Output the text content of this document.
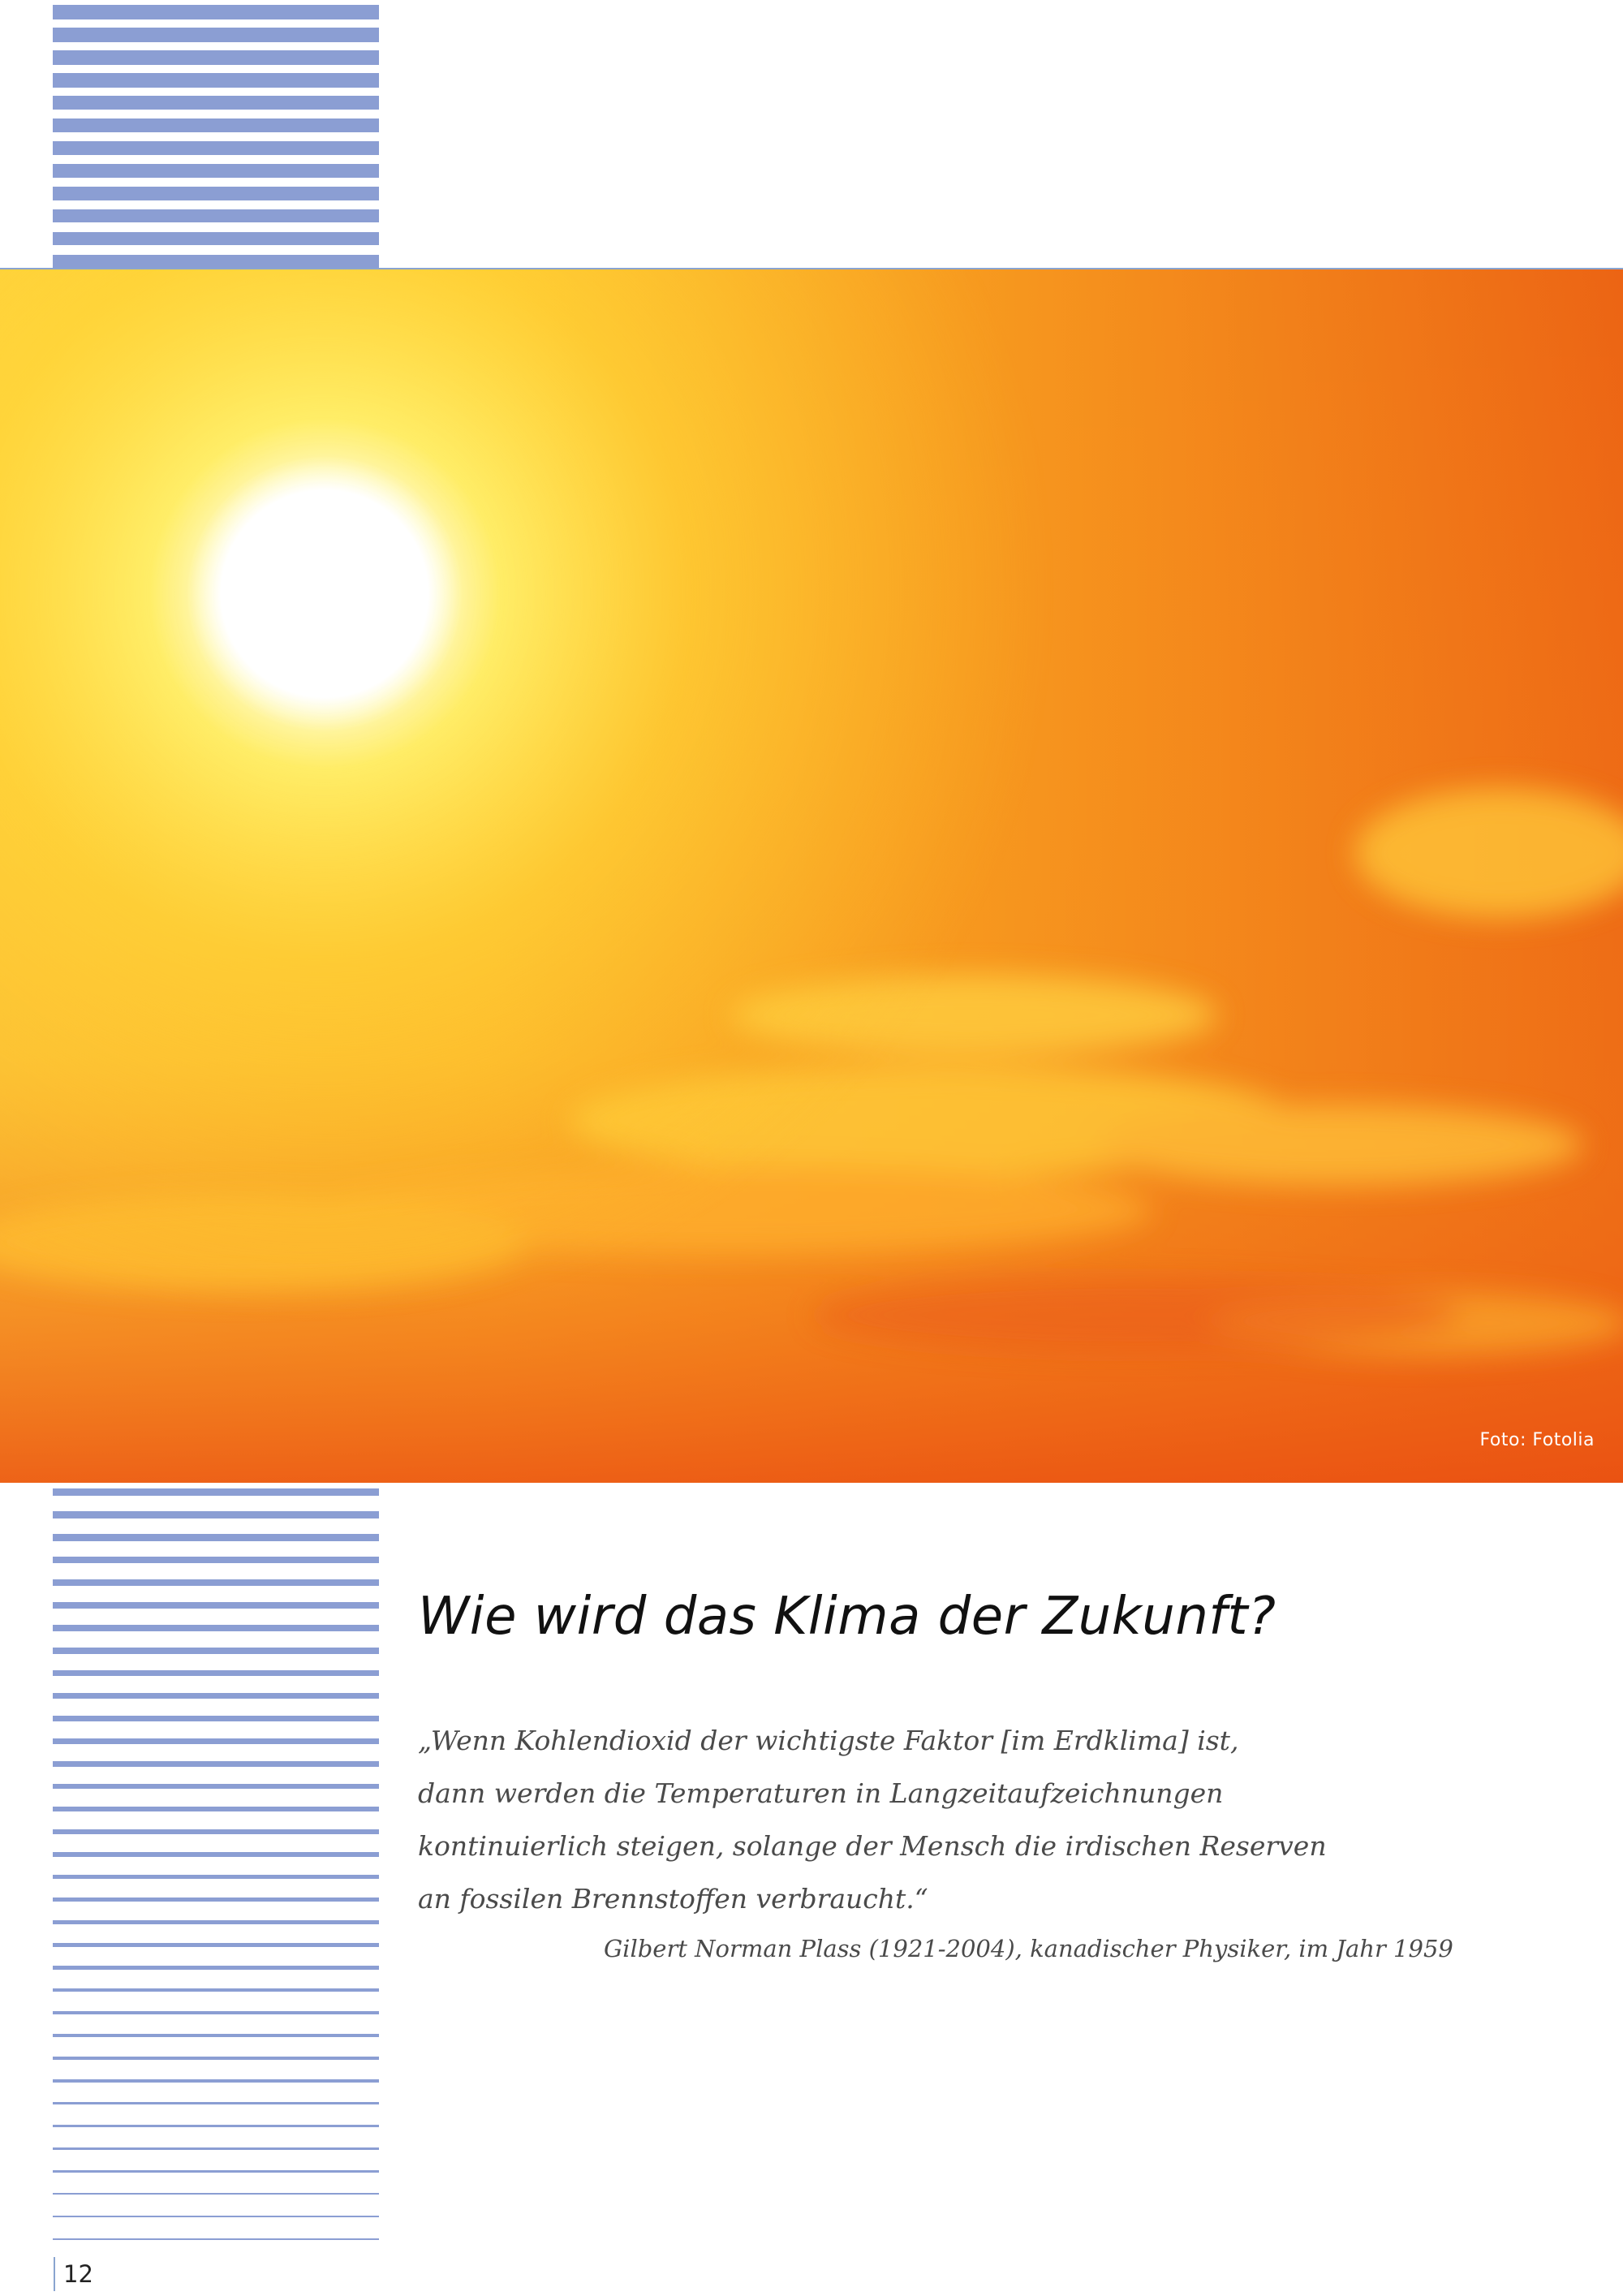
Foto: Fotolia
Wie wird das Klima der Zukunft?

„Wenn Kohlendioxid der wichtigste Faktor [im Erdklima] ist,
dann werden die Temperaturen in Langzeitaufzeichnungen
kontinuierlich steigen, solange der Mensch die irdischen Reserven
an fossilen Brennstoffen verbraucht.“

Gilbert Norman Plass (1921-2004), kanadischer Physiker, im Jahr 1959

12
